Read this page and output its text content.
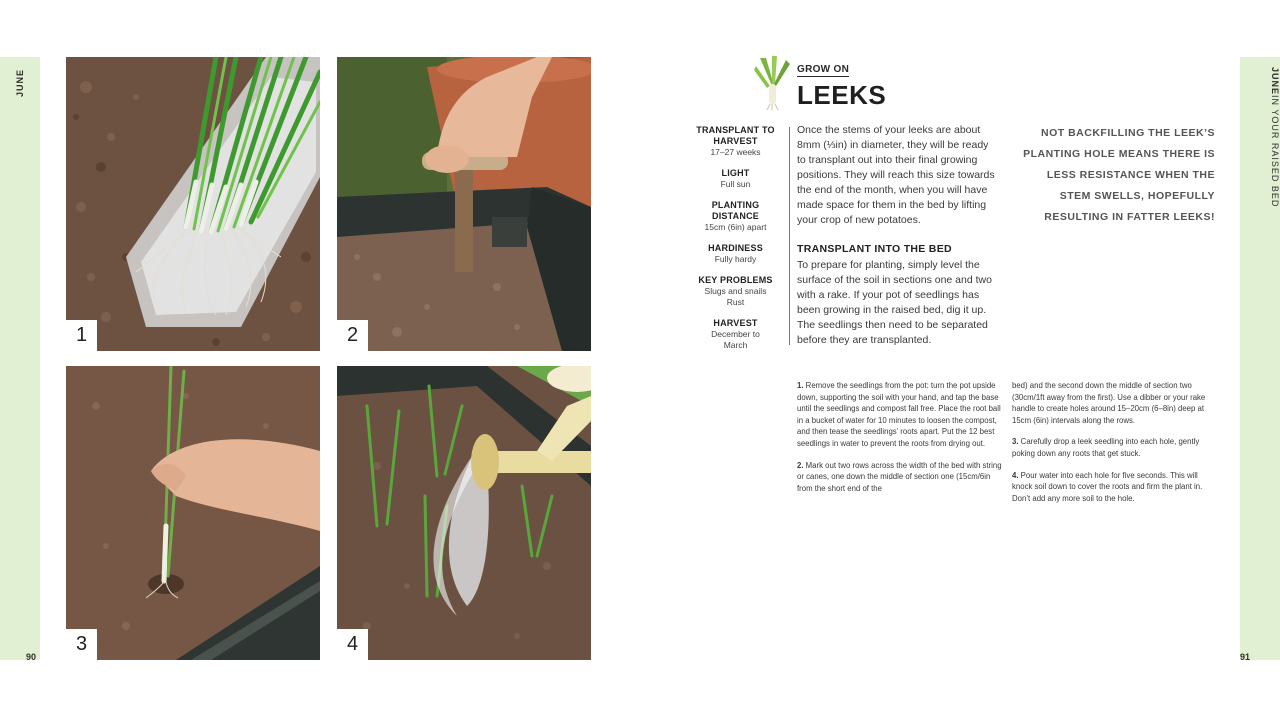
JUNE	JUNE
IN YOUR RAISED BED
90	91
1	2
3	4
GROW ON
LEEKS
TRANSPLANT TO HARVEST
17–27 weeks
LIGHT
Full sun
PLANTING DISTANCE
15cm (6in) apart
HARDINESS
Fully hardy
KEY PROBLEMS
Slugs and snails Rust
HARVEST
December to March

Once the stems of your leeks are about 8mm (⅓in) in diameter, they will be ready to transplant out into their final growing positions. They will reach this size towards the end of the month, when you will have made space for them in the bed by lifting your crop of new potatoes.

TRANSPLANT INTO THE BED

To prepare for planting, simply level the surface of the soil in sections one and two with a rake. If your pot of seedlings has been growing in the raised bed, dig it up. The seedlings then need to be separated before they are transplanted.

NOT BACKFILLING THE LEEK’S PLANTING HOLE MEANS THERE IS LESS RESISTANCE WHEN THE STEM SWELLS, HOPEFULLY RESULTING IN FATTER LEEKS!

1. Remove the seedlings from the pot: turn the pot upside down, supporting the soil with your hand, and tap the base until the seedlings and compost fall free. Place the root ball in a bucket of water for 10 minutes to loosen the compost, and then tease the seedlings’ roots apart. Put the 12 best seedlings in water to prevent the roots from drying out.

2. Mark out two rows across the width of the bed with string or canes, one down the middle of section one (15cm/6in from the short end of the

bed) and the second down the middle of section two (30cm/1ft away from the first). Use a dibber or your rake handle to create holes around 15–20cm (6–8in) deep at 15cm (6in) intervals along the rows.

3. Carefully drop a leek seedling into each hole, gently poking down any roots that get stuck.

4. Pour water into each hole for five seconds. This will knock soil down to cover the roots and firm the plant in. Don’t add any more soil to the hole.
